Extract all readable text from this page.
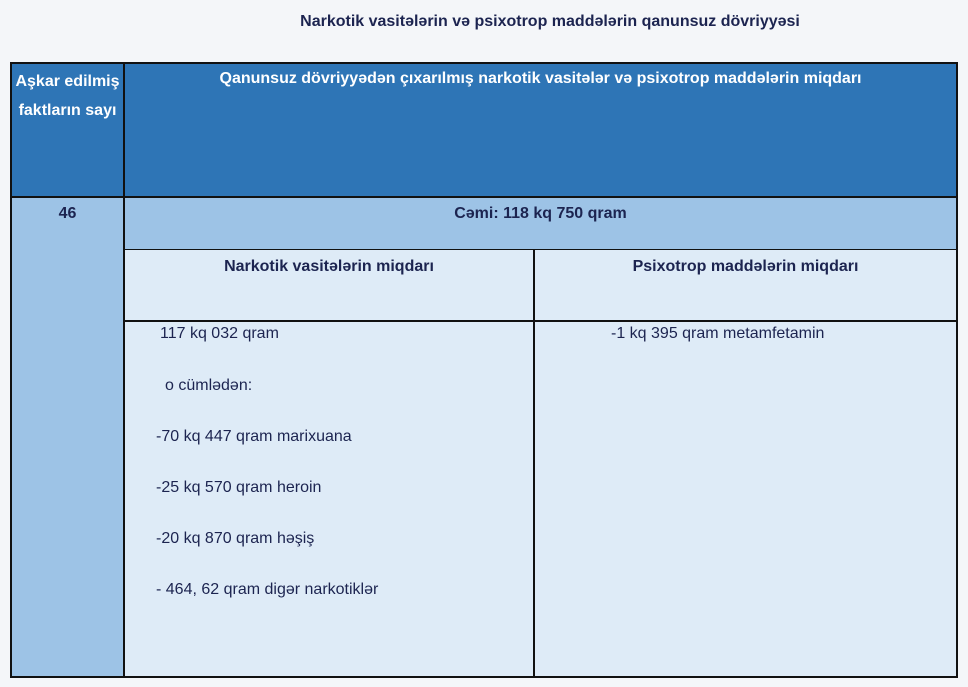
Narkotik vasitələrin və psixotrop maddələrin qanunsuz dövriyyəsi
Aşkar edilmiş faktların sayı
Qanunsuz dövriyyədən çıxarılmış narkotik vasitələr və psixotrop maddələrin miqdarı
46	Cəmi: 118 kq 750 qram
Narkotik vasitələrin miqdarı	Psixotrop maddələrin miqdarı
117 kq 032 qram
o cümlədən:
-70 kq 447 qram marixuana
-25 kq 570 qram heroin
-20 kq 870 qram həşiş
- 464, 62 qram digər narkotiklər
-1 kq 395 qram metamfetamin
